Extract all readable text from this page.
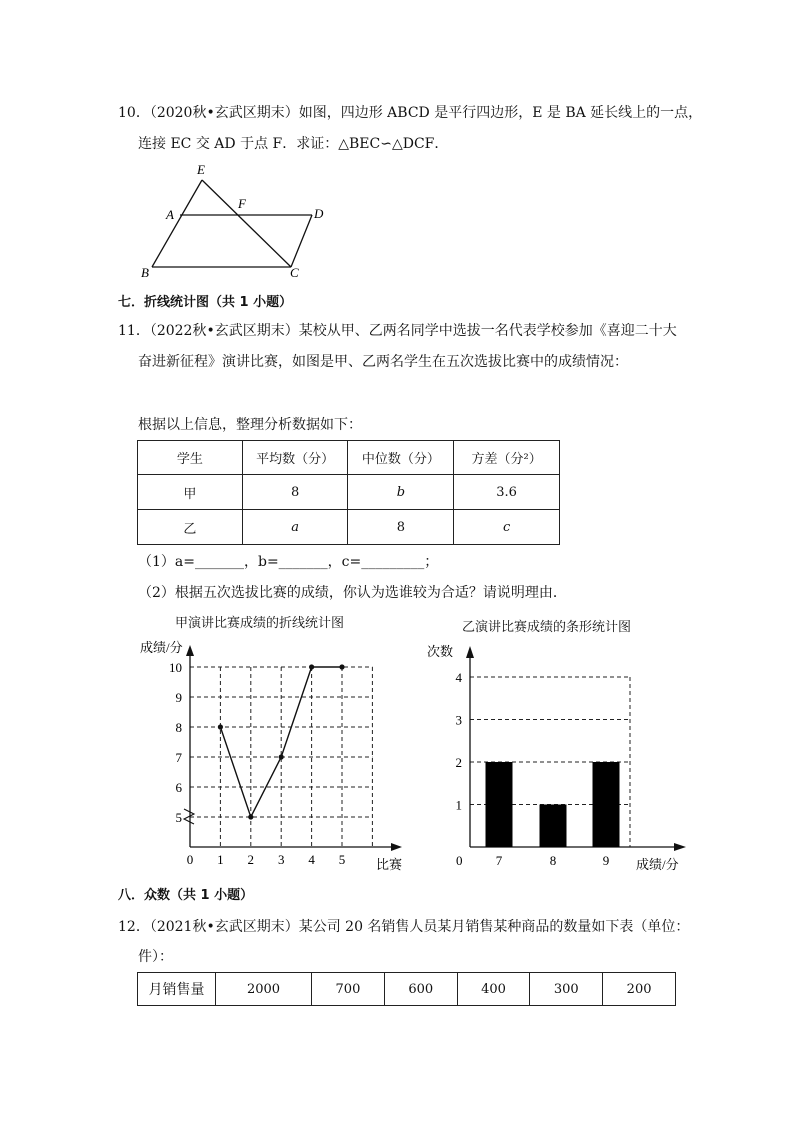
10．（2020秋•玄武区期末）如图，四边形 ABCD 是平行四边形，E 是 BA 延长线上的一点，
连接 EC 交 AD 于点 F．求证：△BEC∽△DCF．
E
A
F
D
B	C
七．折线统计图（共 1 小题）
11．（2022秋•玄武区期末）某校从甲、乙两名同学中选拔一名代表学校参加《喜迎二十大
奋进新征程》演讲比赛，如图是甲、乙两名学生在五次选拔比赛中的成绩情况：
根据以上信息，整理分析数据如下：
学生	平均数（分）	中位数（分）	方差（分²）
甲	8	b	3.6
乙	a	8	c
（1）a=_______，b=_______，c=_________；
（2）根据五次选拔比赛的成绩，你认为选谁较为合适？请说明理由．
甲演讲比赛成绩的折线统计图
成绩/分
比赛
5
6
7
8
9
10
0 1 2 3 4 5
乙演讲比赛成绩的条形统计图
次数
成绩/分
0
1
2
3
4
7	8	9
八．众数（共 1 小题）
12．（2021秋•玄武区期末）某公司 20 名销售人员某月销售某种商品的数量如下表（单位：
件）：
月销售量	2000	700	600	400	300	200
